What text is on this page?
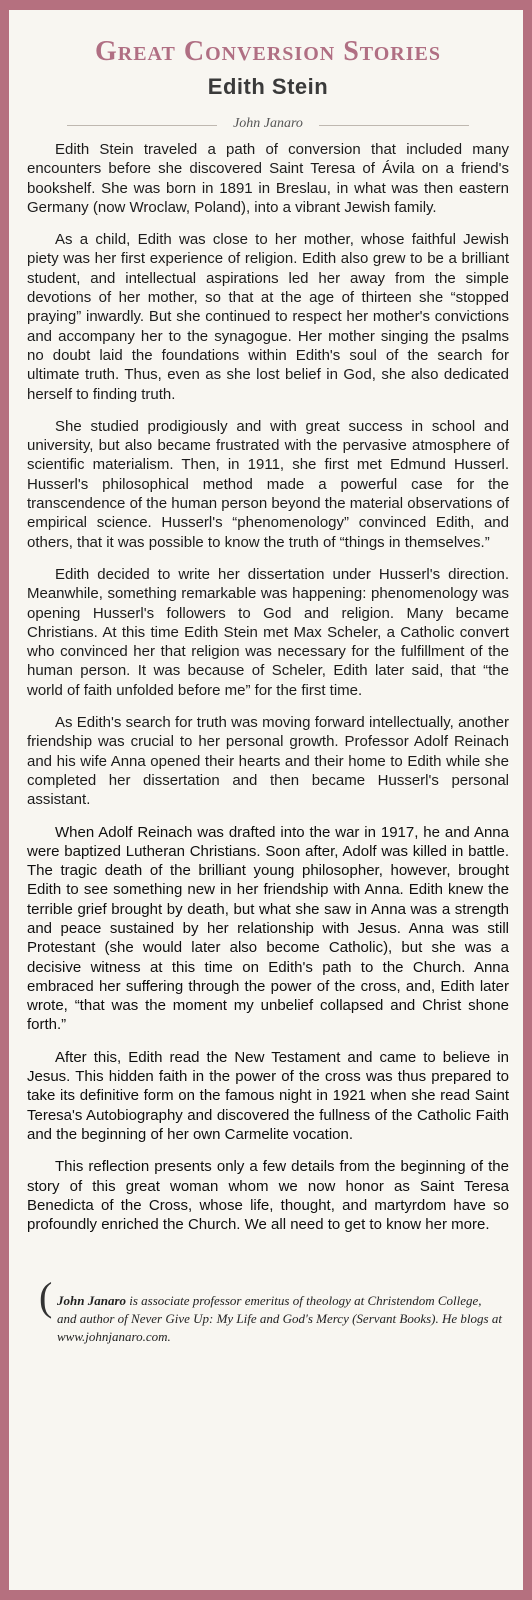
Great Conversion Stories
Edith Stein
John Janaro

Edith Stein traveled a path of conversion that included many encounters before she discovered Saint Teresa of Ávila on a friend's bookshelf. She was born in 1891 in Breslau, in what was then eastern Germany (now Wroclaw, Poland), into a vibrant Jewish family.

As a child, Edith was close to her mother, whose faithful Jewish piety was her first experience of religion. Edith also grew to be a brilliant student, and intellectual aspirations led her away from the simple devotions of her mother, so that at the age of thirteen she “stopped praying” inwardly. But she continued to respect her mother's convictions and accompany her to the synagogue. Her mother singing the psalms no doubt laid the foundations within Edith's soul of the search for ultimate truth. Thus, even as she lost belief in God, she also dedicated herself to finding truth.

She studied prodigiously and with great success in school and university, but also became frustrated with the pervasive atmosphere of scientific materialism. Then, in 1911, she first met Edmund Husserl. Husserl's philosophical method made a powerful case for the transcendence of the human person beyond the material observations of empirical science. Husserl's “phenomenology” convinced Edith, and others, that it was possible to know the truth of “things in themselves.”

Edith decided to write her dissertation under Husserl's direction. Meanwhile, something remarkable was happening: phenomenology was opening Husserl's followers to God and religion. Many became Christians. At this time Edith Stein met Max Scheler, a Catholic convert who convinced her that religion was necessary for the fulfillment of the human person. It was because of Scheler, Edith later said, that “the world of faith unfolded before me” for the first time.

As Edith's search for truth was moving forward intellectually, another friendship was crucial to her personal growth. Professor Adolf Reinach and his wife Anna opened their hearts and their home to Edith while she completed her dissertation and then became Husserl's personal assistant.

When Adolf Reinach was drafted into the war in 1917, he and Anna were baptized Lutheran Christians. Soon after, Adolf was killed in battle. The tragic death of the brilliant young philosopher, however, brought Edith to see something new in her friendship with Anna. Edith knew the terrible grief brought by death, but what she saw in Anna was a strength and peace sustained by her relationship with Jesus. Anna was still Protestant (she would later also become Catholic), but she was a decisive witness at this time on Edith's path to the Church. Anna embraced her suffering through the power of the cross, and, Edith later wrote, “that was the moment my unbelief collapsed and Christ shone forth.”

After this, Edith read the New Testament and came to believe in Jesus. This hidden faith in the power of the cross was thus prepared to take its definitive form on the famous night in 1921 when she read Saint Teresa's Autobiography and discovered the fullness of the Catholic Faith and the beginning of her own Carmelite vocation.

This reflection presents only a few details from the beginning of the story of this great woman whom we now honor as Saint Teresa Benedicta of the Cross, whose life, thought, and martyrdom have so profoundly enriched the Church. We all need to get to know her more.

( John Janaro is associate professor emeritus of theology at Christendom College, and author of Never Give Up: My Life and God's Mercy (Servant Books). He blogs at www.johnjanaro.com.
